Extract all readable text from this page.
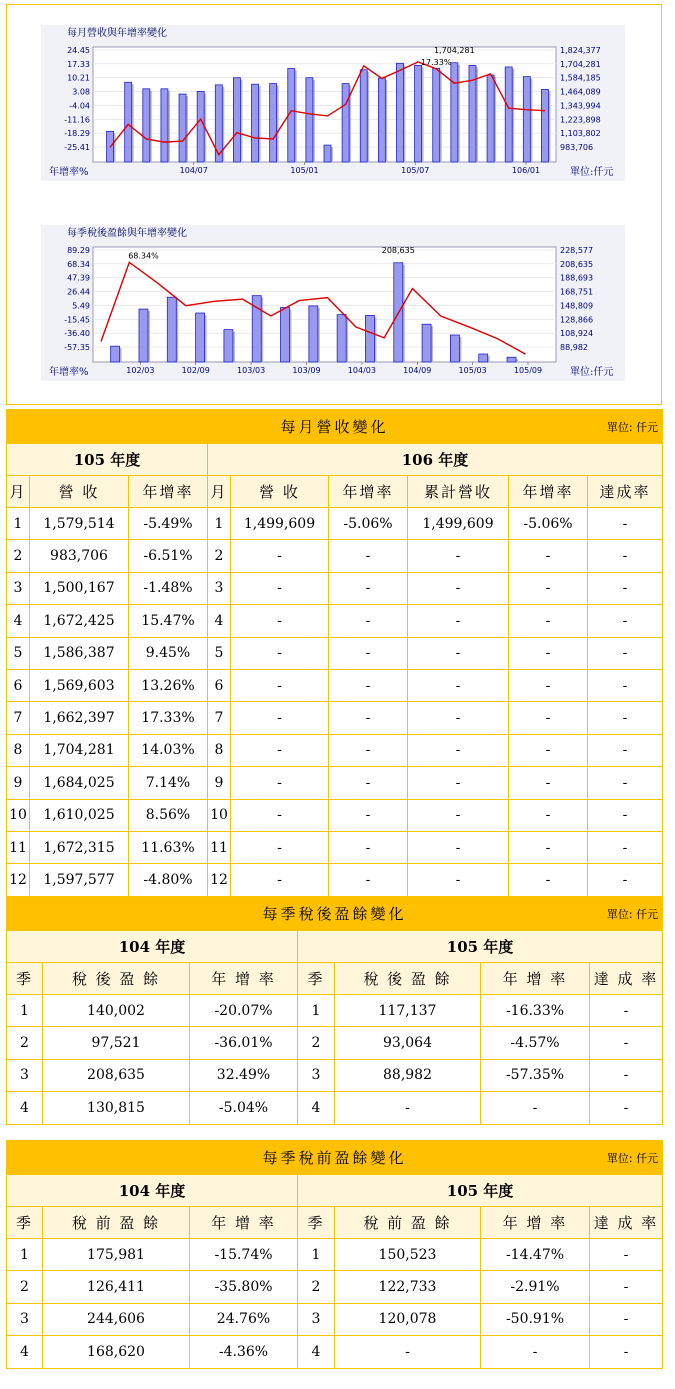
每月營收與年增率變化
24.45
17.33
10.21
3.08
-4.04
-11.16
-18.29
-25.41
1,824,377
1,704,281
1,584,185
1,464,089
1,343,994
1,223,898
1,103,802
983,706
1,704,281
17.33%
104/07	105/01	105/07	106/01
年增率%	單位:仟元
每季稅後盈餘與年增率變化
89.29
68.34
47.39
26.44
5.49
-15.45
-36.40
-57.35
228,577
208,635
188,693
168,751
148,809
128,866
108,924
88,982
68.34%
208,635
102/03	102/09	103/03	103/09	104/03	104/09	105/03	105/09
年增率%	單位:仟元
每月營收變化 單位: 仟元								

105 年度			106 年度					
月	營 收	年增率	月	營 收	年增率	累計營收	年增率	達成率
1	1,579,514	-5.49%	1	1,499,609	-5.06%	1,499,609	-5.06%	-
2	983,706	-6.51%	2	-	-	-	-	-
3	1,500,167	-1.48%	3	-	-	-	-	-
4	1,672,425	15.47%	4	-	-	-	-	-
5	1,586,387	9.45%	5	-	-	-	-	-
6	1,569,603	13.26%	6	-	-	-	-	-
7	1,662,397	17.33%	7	-	-	-	-	-
8	1,704,281	14.03%	8	-	-	-	-	-
9	1,684,025	7.14%	9	-	-	-	-	-
10	1,610,025	8.56%	10	-	-	-	-	-
11	1,672,315	11.63%	11	-	-	-	-	-
12	1,597,577	-4.80%	12	-	-	-	-	-
每季稅後盈餘變化 單位: 仟元						

104 年度			105 年度			
季	稅 後 盈 餘	年 增 率	季	稅 後 盈 餘	年 增 率	達 成 率
1	140,002	-20.07%	1	117,137	-16.33%	-
2	97,521	-36.01%	2	93,064	-4.57%	-
3	208,635	32.49%	3	88,982	-57.35%	-
4	130,815	-5.04%	4	-	-	-
每季稅前盈餘變化 單位: 仟元						

104 年度			105 年度			
季	稅 前 盈 餘	年 增 率	季	稅 前 盈 餘	年 增 率	達 成 率
1	175,981	-15.74%	1	150,523	-14.47%	-
2	126,411	-35.80%	2	122,733	-2.91%	-
3	244,606	24.76%	3	120,078	-50.91%	-
4	168,620	-4.36%	4	-	-	-
